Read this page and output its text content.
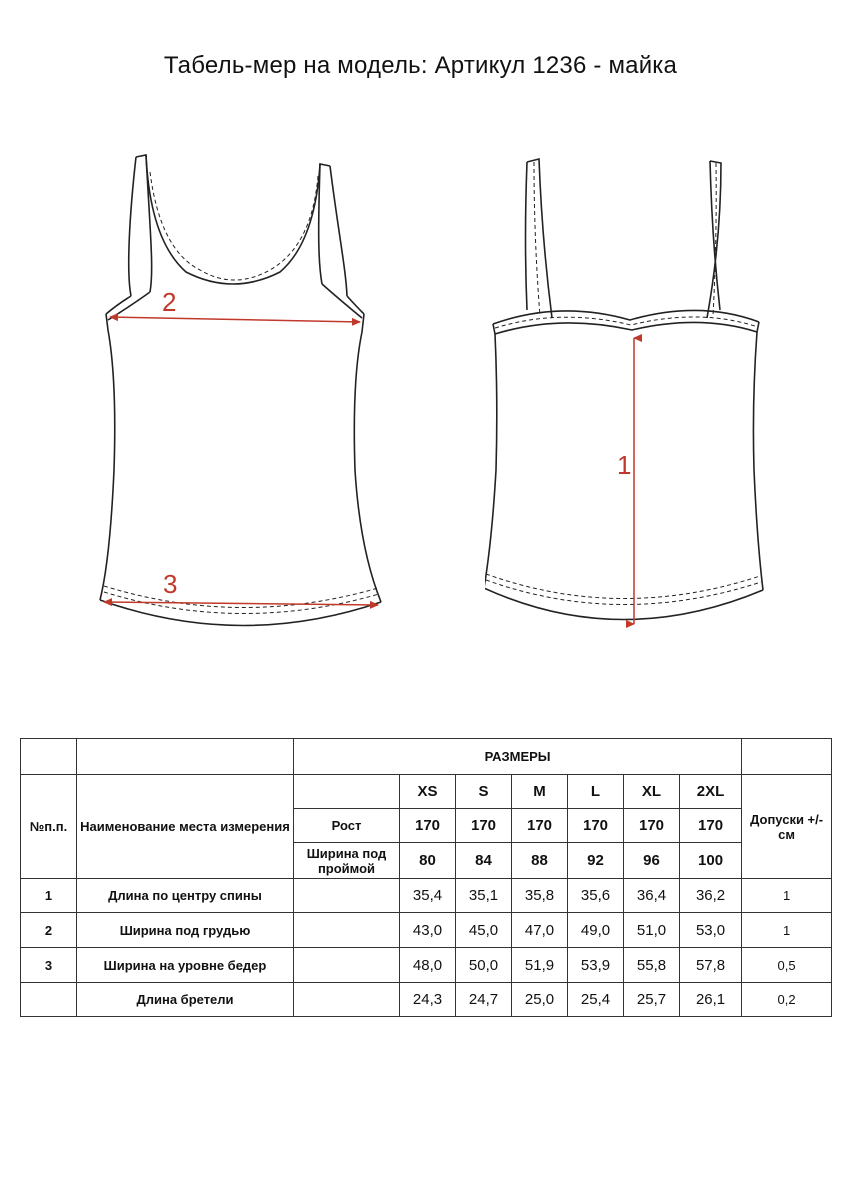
Табель-мер на модель: Артикул 1236 - майка
2
3
1
		РАЗМЕРЫ							
№п.п.	Наименование места измерения		XS	S	M	L	XL	2XL	Допуски +/- см
		Рост	170	170	170	170	170	170	
		Ширина под проймой	80	84	88	92	96	100	
1	Длина по центру спины		35,4	35,1	35,8	35,6	36,4	36,2	1
2	Ширина под грудью		43,0	45,0	47,0	49,0	51,0	53,0	1
3	Ширина на уровне бедер		48,0	50,0	51,9	53,9	55,8	57,8	0,5
	Длина бретели		24,3	24,7	25,0	25,4	25,7	26,1	0,2
